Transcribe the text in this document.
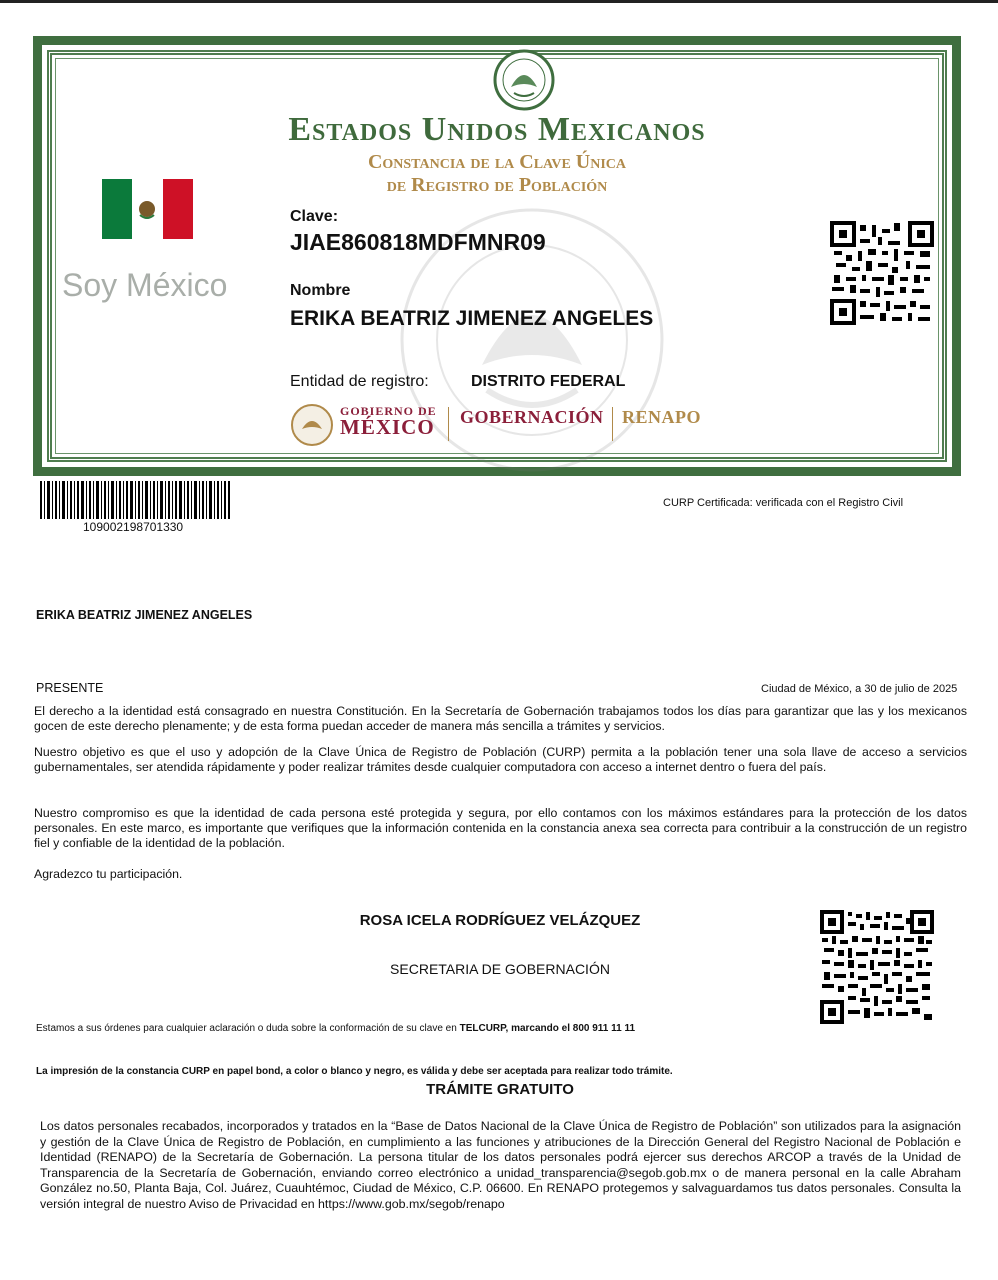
Estados Unidos Mexicanos
Constancia de la Clave Única
de Registro de Población
Soy México
Clave:
JIAE860818MDFMNR09
Nombre
ERIKA BEATRIZ JIMENEZ ANGELES
Entidad de registro:	DISTRITO FEDERAL
GOBIERNO DE
MÉXICO GOBERNACIÓN RENAPO
109002198701330
CURP Certificada: verificada con el Registro Civil
ERIKA BEATRIZ JIMENEZ ANGELES
PRESENTE	Ciudad de México, a 30 de julio de 2025
El derecho a la identidad está consagrado en nuestra Constitución. En la Secretaría de Gobernación trabajamos todos los días para garantizar que las y los mexicanos gocen de este derecho plenamente; y de esta forma puedan acceder de manera más sencilla a trámites y servicios.
Nuestro objetivo es que el uso y adopción de la Clave Única de Registro de Población (CURP) permita a la población tener una sola llave de acceso a servicios gubernamentales, ser atendida rápidamente y poder realizar trámites desde cualquier computadora con acceso a internet dentro o fuera del país.
Nuestro compromiso es que la identidad de cada persona esté protegida y segura, por ello contamos con los máximos estándares para la protección de los datos personales. En este marco, es importante que verifiques que la información contenida en la constancia anexa sea correcta para contribuir a la construcción de un registro fiel y confiable de la identidad de la población.
Agradezco tu participación.
ROSA ICELA RODRÍGUEZ VELÁZQUEZ
SECRETARIA DE GOBERNACIÓN
Estamos a sus órdenes para cualquier aclaración o duda sobre la conformación de su clave en TELCURP, marcando el 800 911 11 11
La impresión de la constancia CURP en papel bond, a color o blanco y negro, es válida y debe ser aceptada para realizar todo trámite.
TRÁMITE GRATUITO
Los datos personales recabados, incorporados y tratados en la “Base de Datos Nacional de la Clave Única de Registro de Población” son utilizados para la asignación y gestión de la Clave Única de Registro de Población, en cumplimiento a las funciones y atribuciones de la Dirección General del Registro Nacional de Población e Identidad (RENAPO) de la Secretaría de Gobernación. La persona titular de los datos personales podrá ejercer sus derechos ARCOP a través de la Unidad de Transparencia de la Secretaría de Gobernación, enviando correo electrónico a unidad_transparencia@segob.gob.mx o de manera personal en la calle Abraham González no.50, Planta Baja, Col. Juárez, Cuauhtémoc, Ciudad de México, C.P. 06600. En RENAPO protegemos y salvaguardamos tus datos personales. Consulta la versión integral de nuestro Aviso de Privacidad en https://www.gob.mx/segob/renapo
